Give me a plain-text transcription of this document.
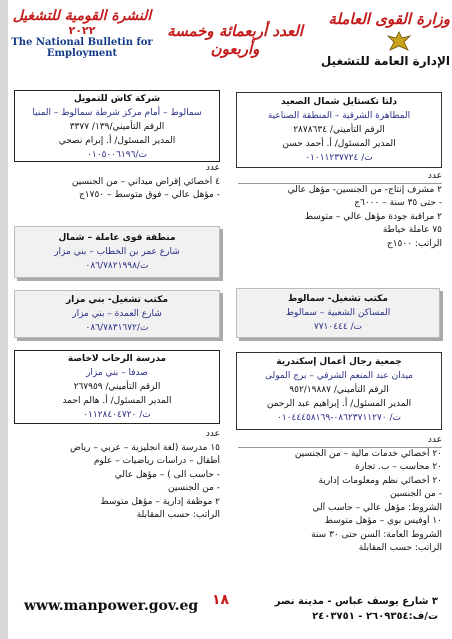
وزارة القوى العاملة
الإدارة العامة للتشغيل
العدد أربعمائة وخمسة وأربعون
النشرة القومية للتشغيل
٢٠٢٢
The National Bulletin for Employment
دلتا تكستايل شمال الصعيد
المطاهرة الشرقية – المنطقة الصناعية
الرقم التأميني/ ٢٨٧٨٦٣٤
المدير المسئول/ أ. أحمد حسن
ت/ ٠١٠١١٢٣٧٧٢٤
عدد
٢ مشرف إنتاج- من الجنسين- مؤهل عالي
- حتى ٣٥ سنة – ٦٠٠٠ج
٢ مراقبة جودة مؤهل عالي – متوسط
٧٥ عاملة خياطة
الراتب: ١٥٠٠ج
شركة كاش للتمويل
سمالوط – أمام مركز شرطة سمالوط – المنيا
الرقم التأميني/١٣٩/ ٣٣٧٧
المدير المسئول/ أ. إبرام نصحي
ت/٠١٠٥٠٠٦١٩٦
عدد
٤ أخصائي إقراض ميداني – من الجنسين
- مؤهل عالي – فوق متوسط – ١٧٥٠ج
منطقة قوى عاملة – شمال
شارع عمر بن الخطاب – بني مزار
ت/٠٨٦/٧٨٢١٩٩٨
مكتب تشغيل- سمالوط
المساكن الشعبية – سمالوط
ت/ ٧٧١٠٤٤٤
مكتب تشغيل- بني مزار
شارع العمدة – بني مزار
ت/٠٨٦/٧٨٣١٦٧٢
جمعية رجال أعمال إسكندرية
ميدان عبد المنعم الشرقي – برج المولى
الرقم التأميني/ ٩٥٢/١٩٨٨٧
المدير المسئول/ أ. إبراهيم عبد الرحمن
ت/ ٠٨٦٢٣٧١١٢٧٠-٠١٠٤٤٤٥٨١٦٩
عدد
٢٠ أخصائي خدمات مالية – من الجنسين
٢٠ محاسب – ب. تجارة
٢٠ أخصائي نظم ومعلومات إدارية
- من الجنسين
الشروط: مؤهل عالي – حاسب آلي
١٠ أوفيس بوي – مؤهل متوسط
الشروط العامة: السن حتى ٣٠ سنة
الراتب: حسب المقابلة
مدرسة الرحاب لاخاصة
صدفا – بني مزار
الرقم التأميني/ ٢٦٧٩٥٩
المدير المسئول/ أ. هالم احمد
ت/ ٠١١٢٨٤٠٤٧٢٠
عدد
١٥ مدرسة (لغة انجليزية – عربي – رياض
أطفال – دراسات رياضيات – علوم
- حاسب الى ) – مؤهل عالي
- من الجنسين
٢ موظفة إدارية – مؤهل متوسط
الراتب: حسب المقابلة
www.manpower.gov.eg ١٨	٣ شارع يوسف عباس - مدينة نصر
ت/ف:٢٦٠٩٣٥٤ - ٢٤٠٣٧٥١
